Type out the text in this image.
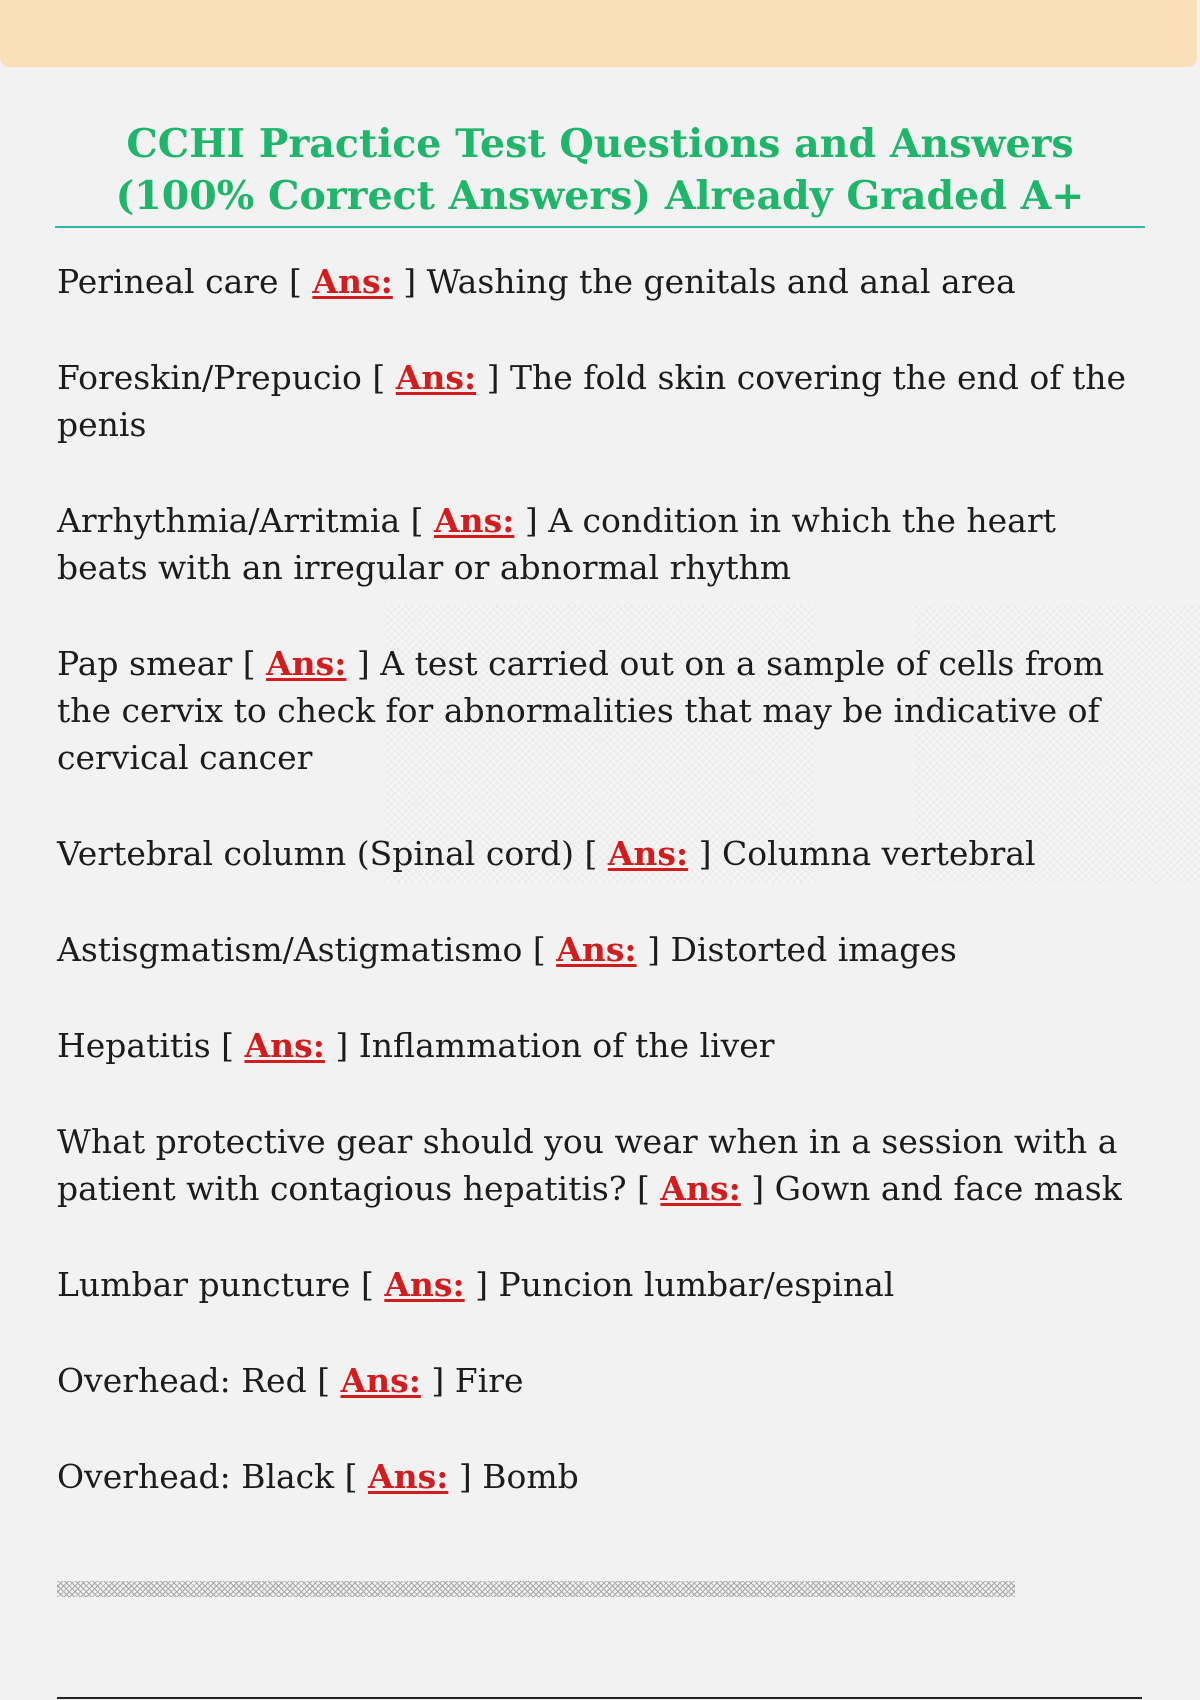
CCHI Practice Test Questions and Answers
(100% Correct Answers) Already Graded A+
Perineal care [ Ans: ] Washing the genitals and anal area
Foreskin/Prepucio [ Ans: ] The fold skin covering the end of the penis
Arrhythmia/Arritmia [ Ans: ] A condition in which the heart beats with an irregular or abnormal rhythm
Pap smear [ Ans: ] A test carried out on a sample of cells from the cervix to check for abnormalities that may be indicative of cervical cancer
Vertebral column (Spinal cord) [ Ans: ] Columna vertebral
Astisgmatism/Astigmatismo [ Ans: ] Distorted images
Hepatitis [ Ans: ] Inflammation of the liver
What protective gear should you wear when in a session with a patient with contagious hepatitis? [ Ans: ] Gown and face mask
Lumbar puncture [ Ans: ] Puncion lumbar/espinal
Overhead: Red [ Ans: ] Fire
Overhead: Black [ Ans: ] Bomb
